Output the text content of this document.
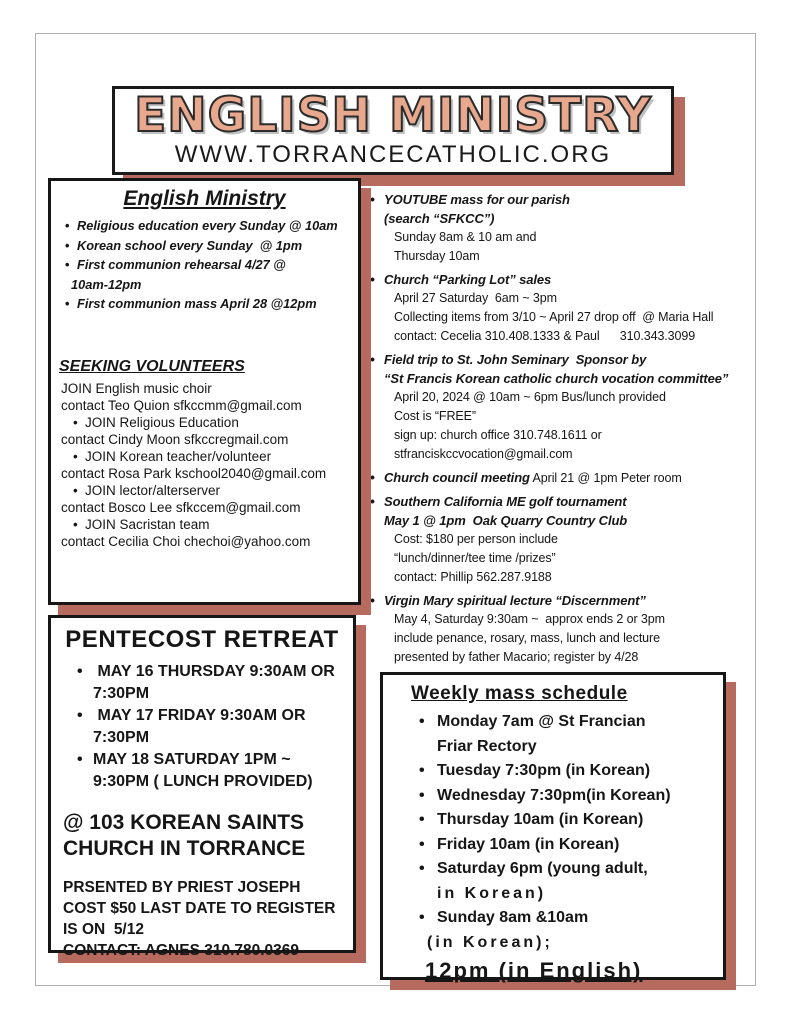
ENGLISH MINISTRY
WWW.TORRANCECATHOLIC.ORG
English Ministry
• Religious education every Sunday @ 10am
• Korean school every Sunday  @ 1pm
• First communion rehearsal 4/27 @
10am-12pm
• First communion mass April 28 @12pm
SEEKING VOLUNTEERS
JOIN English music choir
contact Teo Quion sfkccmm@gmail.com
• JOIN Religious Education
contact Cindy Moon sfkccregmail.com
• JOIN Korean teacher/volunteer
contact Rosa Park kschool2040@gmail.com
• JOIN lector/alterserver
contact Bosco Lee sfkccem@gmail.com
• JOIN Sacristan team
contact Cecilia Choi chechoi@yahoo.com
• YOUTUBE mass for our parish
(search “SFKCC”)
Sunday 8am & 10 am and
Thursday 10am
• Church “Parking Lot” sales
April 27 Saturday  6am ~ 3pm
Collecting items from 3/10 ~ April 27 drop off  @ Maria Hall
contact: Cecelia 310.408.1333 & Paul      310.343.3099
• Field trip to St. John Seminary  Sponsor by
“St Francis Korean catholic church vocation committee”
April 20, 2024 @ 10am ~ 6pm Bus/lunch provided
Cost is “FREE”
sign up: church office 310.748.1611 or
stfranciskccvocation@gmail.com
• Church council meeting April 21 @ 1pm Peter room
• Southern California ME golf tournament
May 1 @ 1pm  Oak Quarry Country Club
Cost: $180 per person include
“lunch/dinner/tee time /prizes”
contact: Phillip 562.287.9188
• Virgin Mary spiritual lecture “Discernment”
May 4, Saturday 9:30am ~  approx ends 2 or 3pm
include penance, rosary, mass, lunch and lecture
presented by father Macario; register by 4/28
PENTECOST RETREAT
•  MAY 16 THURSDAY 9:30AM OR
7:30PM
•  MAY 17 FRIDAY 9:30AM OR
7:30PM
• MAY 18 SATURDAY 1PM ~
9:30PM ( LUNCH PROVIDED)
@ 103 KOREAN SAINTS
CHURCH IN TORRANCE
PRSENTED BY PRIEST JOSEPH
COST $50 LAST DATE TO REGISTER
IS ON  5/12
CONTACT: AGNES 310.780.0369
Weekly mass schedule
• Monday 7am @ St Francian
Friar Rectory
• Tuesday 7:30pm (in Korean)
• Wednesday 7:30pm(in Korean)
• Thursday 10am (in Korean)
• Friday 10am (in Korean)
• Saturday 6pm (young adult,
in Korean)
• Sunday 8am &10am
(in Korean);
12pm (in English)
